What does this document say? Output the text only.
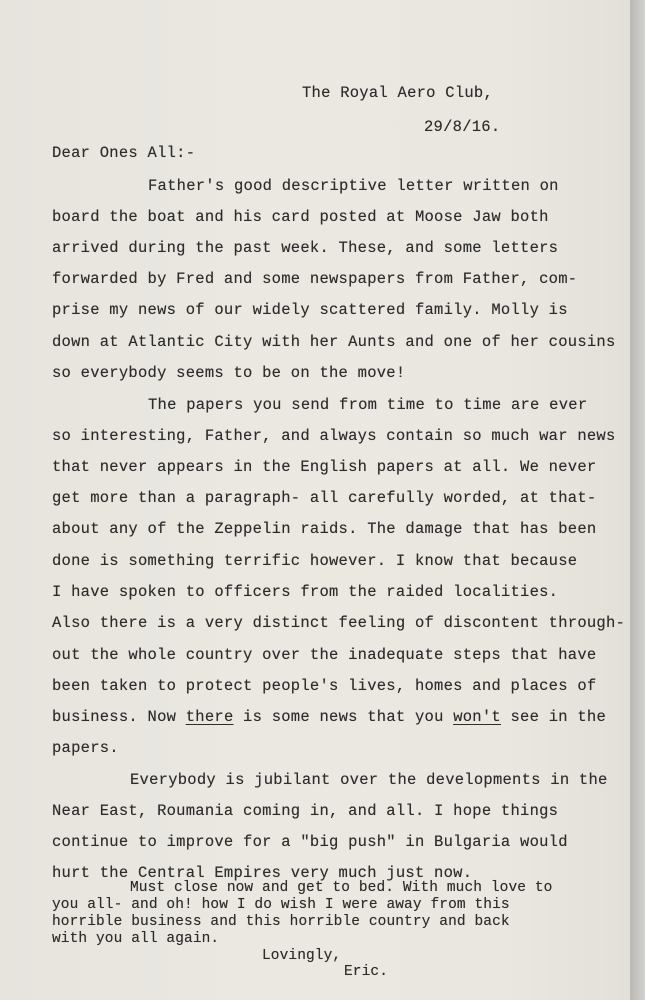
The Royal Aero Club,
29/8/16.
Dear Ones All:-
Father's good descriptive letter written on
board the boat and his card posted at Moose Jaw both
arrived during the past week. These, and some letters
forwarded by Fred and some newspapers from Father, com-
prise my news of our widely scattered family. Molly is
down at Atlantic City with her Aunts and one of her cousins
so everybody seems to be on the move!
The papers you send from time to time are ever
so interesting, Father, and always contain so much war news
that never appears in the English papers at all. We never
get more than a paragraph- all carefully worded, at that-
about any of the Zeppelin raids. The damage that has been
done is something terrific however. I know that because
I have spoken to officers from the raided localities.
Also there is a very distinct feeling of discontent through-
out the whole country over the inadequate steps that have
been taken to protect people's lives, homes and places of
business. Now there is some news that you won't see in the
papers.
Everybody is jubilant over the developments in the
Near East, Roumania coming in, and all. I hope things
continue to improve for a "big push" in Bulgaria would
hurt the Central Empires very much just now.
Must close now and get to bed. With much love to
you all- and oh! how I do wish I were away from this
horrible business and this horrible country and back
with you all again.
Lovingly,
Eric.
